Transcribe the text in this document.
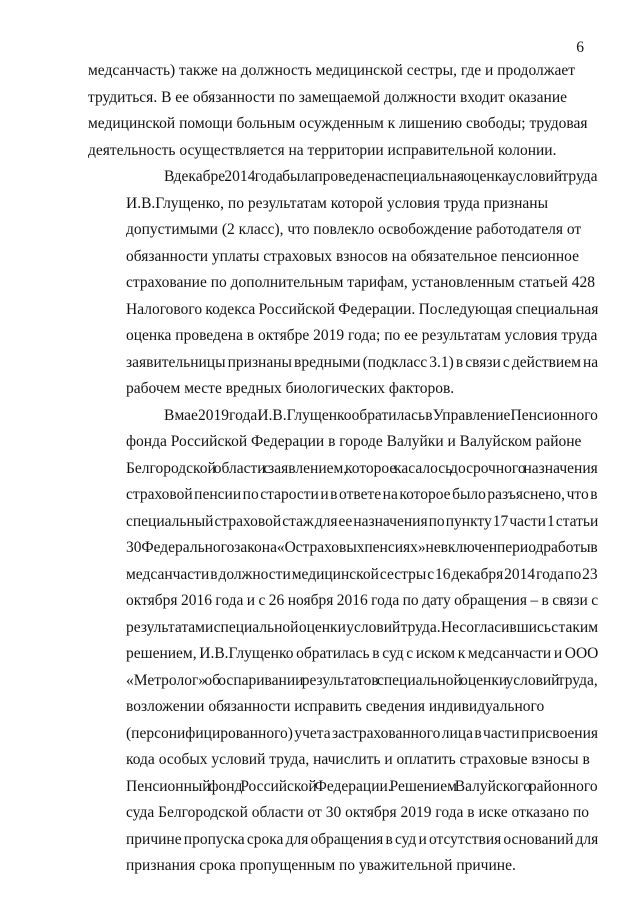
6

медсанчасть) также на должность медицинской сестры, где и продолжает
трудиться. В ее обязанности по замещаемой должности входит оказание
медицинской помощи больным осужденным к лишению свободы; трудовая
деятельность осуществляется на территории исправительной колонии.

В декабре 2014 года была проведена специальная оценка условий труда
И.В.Глущенко, по результатам которой условия труда признаны
допустимыми (2 класс), что повлекло освобождение работодателя от
обязанности уплаты страховых взносов на обязательное пенсионное
страхование по дополнительным тарифам, установленным статьей 428
Налогового кодекса Российской Федерации. Последующая специальная
оценка проведена в октябре 2019 года; по ее результатам условия труда
заявительницы признаны вредными (подкласс 3.1) в связи с действием на
рабочем месте вредных биологических факторов.

В мае 2019 года И.В.Глущенко обратилась в Управление Пенсионного
фонда Российской Федерации в городе Валуйки и Валуйском районе
Белгородской области с заявлением, которое касалось досрочного назначения
страховой пенсии по старости и в ответе на которое было разъяснено, что в
специальный страховой стаж для ее назначения по пункту 17 части 1 статьи
30 Федерального закона «О страховых пенсиях» не включен период работы в
медсанчасти в должности медицинской сестры с 16 декабря 2014 года по 23
октября 2016 года и с 26 ноября 2016 года по дату обращения – в связи с
результатами специальной оценки условий труда. Не согласившись с таким
решением, И.В.Глущенко обратилась в суд с иском к медсанчасти и ООО
«Метролог» об оспаривании результатов специальной оценки условий труда,
возложении обязанности исправить сведения индивидуального
(персонифицированного) учета застрахованного лица в части присвоения
кода особых условий труда, начислить и оплатить страховые взносы в
Пенсионный фонд Российской Федерации. Решением Валуйского районного
суда Белгородской области от 30 октября 2019 года в иске отказано по
причине пропуска срока для обращения в суд и отсутствия оснований для
признания срока пропущенным по уважительной причине.
